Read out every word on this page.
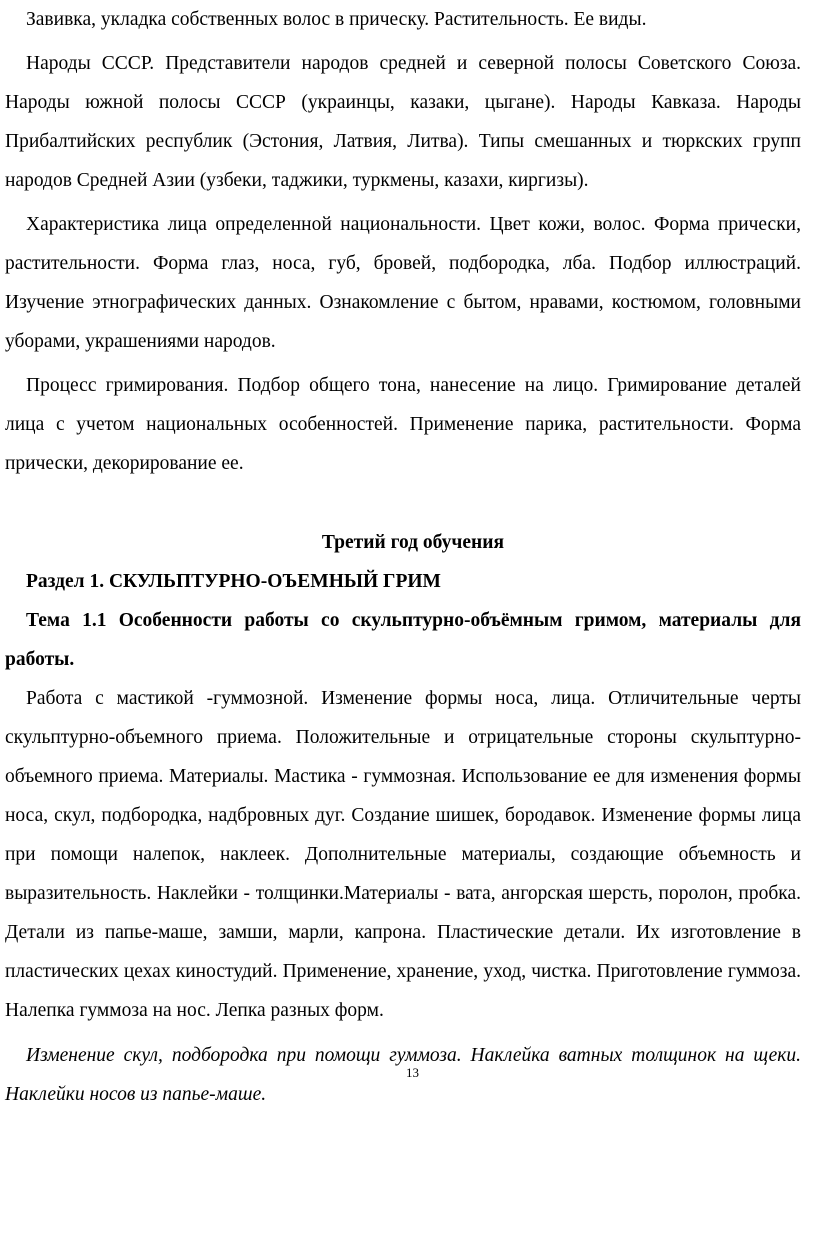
Завивка, укладка собственных волос в прическу. Растительность. Ее виды.

Народы СССР. Представители народов средней и северной полосы Советского Союза. Народы южной полосы СССР (украинцы, казаки, цыгане). Народы Кавказа. Народы Прибалтийских республик (Эстония, Латвия, Литва). Типы смешанных и тюркских групп народов Средней Азии (узбеки, таджики, туркмены, казахи, киргизы).

Характеристика лица определенной национальности. Цвет кожи, волос. Форма прически, растительности. Форма глаз, носа, губ, бровей, подбородка, лба. Подбор иллюстраций. Изучение этнографических данных. Ознакомление с бытом, нравами, костюмом, головными уборами, украшениями народов.

Процесс гримирования. Подбор общего тона, нанесение на лицо. Гримирование деталей лица с учетом национальных особенностей. Применение парика, растительности. Форма прически, декорирование ее.

Третий год обучения

Раздел 1. СКУЛЬПТУРНО-ОЪЕМНЫЙ ГРИМ

Тема 1.1 Особенности работы со скульптурно-объёмным гримом, материалы для работы.

Работа с мастикой -гуммозной. Изменение формы носа, лица. Отличительные черты скульптурно-объемного приема. Положительные и отрицательные стороны скульптурно-объемного приема. Материалы. Мастика - гуммозная. Использование ее для изменения формы носа, скул, подбородка, надбровных дуг. Создание шишек, бородавок. Изменение формы лица при помощи налепок, наклеек. Дополнительные материалы, создающие объемность и выразительность. Наклейки - толщинки.Материалы - вата, ангорская шерсть, поролон, пробка. Детали из папье-маше, замши, марли, капрона. Пластические детали. Их изготовление в пластических цехах киностудий. Применение, хранение, уход, чистка. Приготовление гуммоза. Налепка гуммоза на нос. Лепка разных форм.

Изменение скул, подбородка при помощи гуммоза. Наклейка ватных толщинок на щеки. Наклейки носов из папье-маше.

13
